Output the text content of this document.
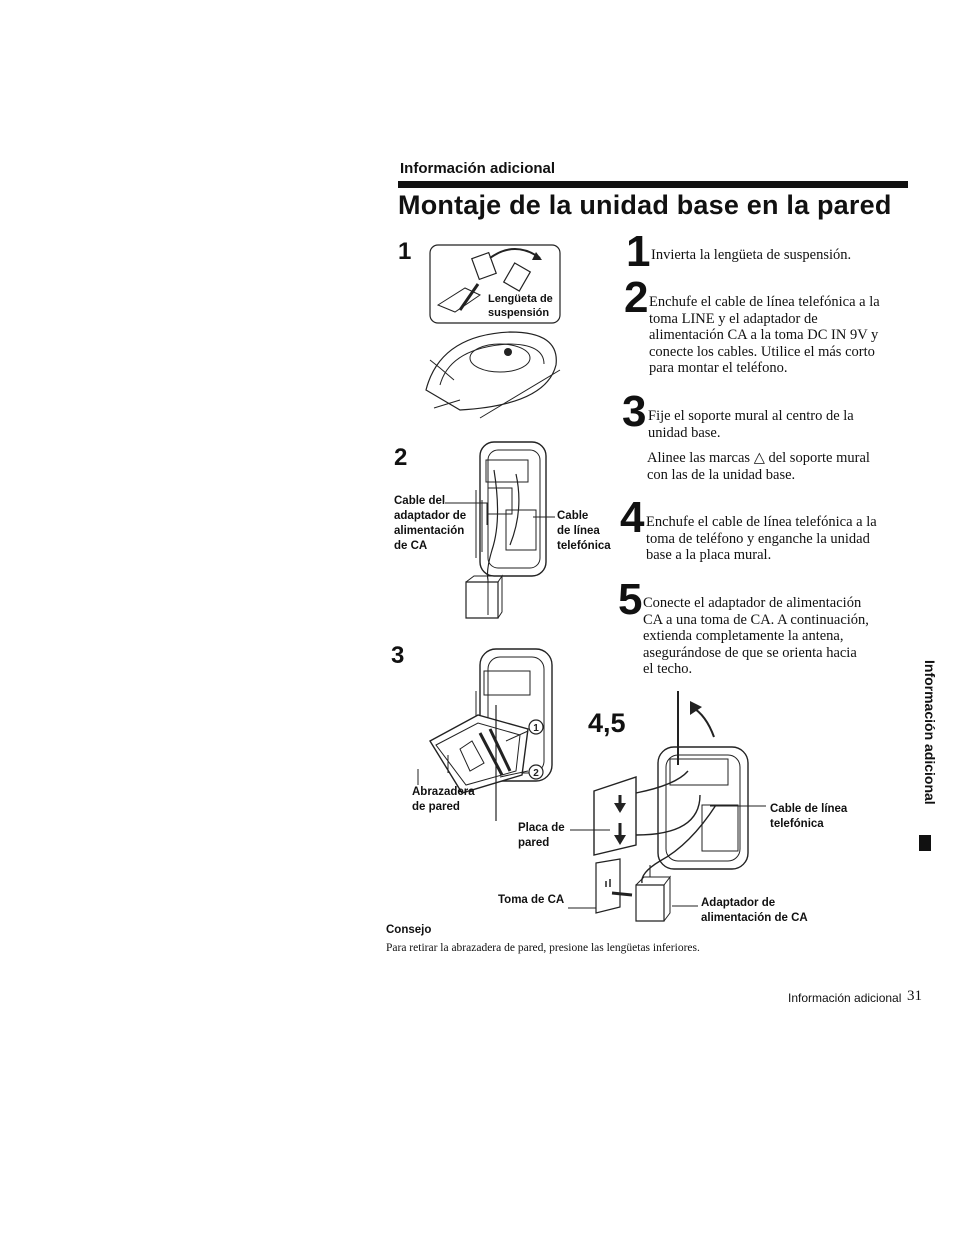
Información adicional
Montaje de la unidad base en la pared
1
Lengüeta de
suspensión
2
Cable del
adaptador de
alimentación
de CA
Cable
de línea
telefónica
3
1
2
Abrazadera
de pared
4,5
Cable de línea
telefónica
Placa de
pared
Toma de CA	Adaptador de
alimentación de CA
1 Invierta la lengüeta de suspensión.
2 Enchufe el cable de línea telefónica a la
toma LINE y el adaptador de
alimentación CA a la toma DC IN 9V y
conecte los cables. Utilice el más corto
para montar el teléfono.
3 Fije el soporte mural al centro de la
unidad base.
Alinee las marcas △ del soporte mural
con las de la unidad base.
4 Enchufe el cable de línea telefónica a la
toma de teléfono y enganche la unidad
base a la placa mural.
5 Conecte el adaptador de alimentación
CA a una toma de CA. A continuación,
extienda completamente la antena,
asegurándose de que se orienta hacia
el techo.
Consejo
Para retirar la abrazadera de pared, presione las lengüetas inferiores.
Información adicional
Información adicional 31
